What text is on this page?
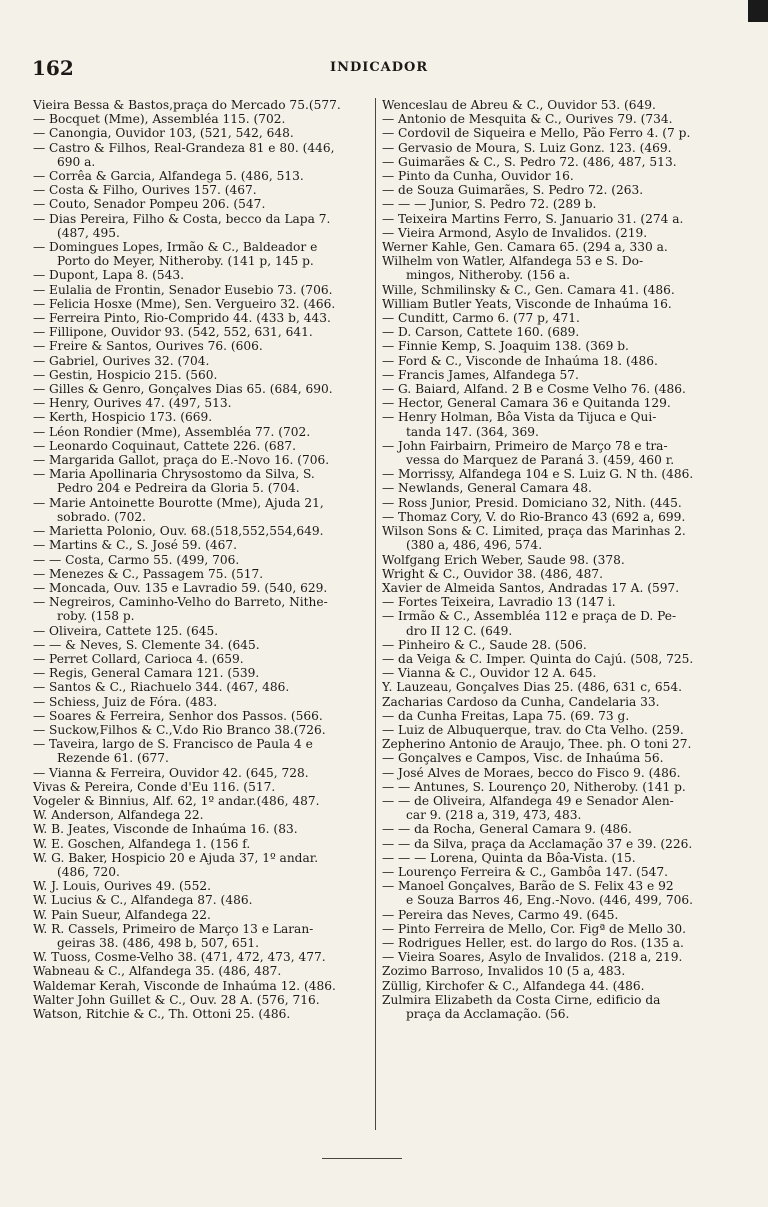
162	INDICADOR
Vieira Bessa & Bastos,praça do Mercado 75.(577.
— Bocquet (Mme), Assembléa 115. (702.
— Canongia, Ouvidor 103, (521, 542, 648.
— Castro & Filhos, Real-Grandeza 81 e 80. (446,
690 a.
— Corrêa & Garcia, Alfandega 5. (486, 513.
— Costa & Filho, Ourives 157. (467.
— Couto, Senador Pompeu 206. (547.
— Dias Pereira, Filho & Costa, becco da Lapa 7.
(487, 495.
— Domingues Lopes, Irmão & C., Baldeador e
Porto do Meyer, Nitheroby. (141 p, 145 p.
— Dupont, Lapa 8. (543.
— Eulalia de Frontin, Senador Eusebio 73. (706.
— Felicia Hosxe (Mme), Sen. Vergueiro 32. (466.
— Ferreira Pinto, Rio-Comprido 44. (433 b, 443.
— Fillipone, Ouvidor 93. (542, 552, 631, 641.
— Freire & Santos, Ourives 76. (606.
— Gabriel, Ourives 32. (704.
— Gestin, Hospicio 215. (560.
— Gilles & Genro, Gonçalves Dias 65. (684, 690.
— Henry, Ourives 47. (497, 513.
— Kerth, Hospicio 173. (669.
— Léon Rondier (Mme), Assembléa 77. (702.
— Leonardo Coquinaut, Cattete 226. (687.
— Margarida Gallot, praça do E.-Novo 16. (706.
— Maria Apollinaria Chrysostomo da Silva, S.
Pedro 204 e Pedreira da Gloria 5. (704.
— Marie Antoinette Bourotte (Mme), Ajuda 21,
sobrado. (702.
— Marietta Polonio, Ouv. 68.(518,552,554,649.
— Martins & C., S. José 59. (467.
— — Costa, Carmo 55. (499, 706.
— Menezes & C., Passagem 75. (517.
— Moncada, Ouv. 135 e Lavradio 59. (540, 629.
— Negreiros, Caminho-Velho do Barreto, Nithe-
roby. (158 p.
— Oliveira, Cattete 125. (645.
— — & Neves, S. Clemente 34. (645.
— Perret Collard, Carioca 4. (659.
— Regis, General Camara 121. (539.
— Santos & C., Riachuelo 344. (467, 486.
— Schiess, Juiz de Fóra. (483.
— Soares & Ferreira, Senhor dos Passos. (566.
— Suckow,Filhos & C.,V.do Rio Branco 38.(726.
— Taveira, largo de S. Francisco de Paula 4 e
Rezende 61. (677.
— Vianna & Ferreira, Ouvidor 42. (645, 728.
Vivas & Pereira, Conde d'Eu 116. (517.
Vogeler & Binnius, Alf. 62, 1º andar.(486, 487.
W. Anderson, Alfandega 22.
W. B. Jeates, Visconde de Inhaúma 16. (83.
W. E. Goschen, Alfandega 1. (156 f.
W. G. Baker, Hospicio 20 e Ajuda 37, 1º andar.
(486, 720.
W. J. Louis, Ourives 49. (552.
W. Lucius & C., Alfandega 87. (486.
W. Pain Sueur, Alfandega 22.
W. R. Cassels, Primeiro de Março 13 e Laran-
geiras 38. (486, 498 b, 507, 651.
W. Tuoss, Cosme-Velho 38. (471, 472, 473, 477.
Wabneau & C., Alfandega 35. (486, 487.
Waldemar Kerah, Visconde de Inhaúma 12. (486.
Walter John Guillet & C., Ouv. 28 A. (576, 716.
Watson, Ritchie & C., Th. Ottoni 25. (486.
Wenceslau de Abreu & C., Ouvidor 53. (649.
— Antonio de Mesquita & C., Ourives 79. (734.
— Cordovil de Siqueira e Mello, Pão Ferro 4. (7 p.
— Gervasio de Moura, S. Luiz Gonz. 123. (469.
— Guimarães & C., S. Pedro 72. (486, 487, 513.
— Pinto da Cunha, Ouvidor 16.
— de Souza Guimarães, S. Pedro 72. (263.
— — — Junior, S. Pedro 72. (289 b.
— Teixeira Martins Ferro, S. Januario 31. (274 a.
— Vieira Armond, Asylo de Invalidos. (219.
Werner Kahle, Gen. Camara 65. (294 a, 330 a.
Wilhelm von Watler, Alfandega 53 e S. Do-
mingos, Nitheroby. (156 a.
Wille, Schmilinsky & C., Gen. Camara 41. (486.
William Butler Yeats, Visconde de Inhaúma 16.
— Cunditt, Carmo 6. (77 p, 471.
— D. Carson, Cattete 160. (689.
— Finnie Kemp, S. Joaquim 138. (369 b.
— Ford & C., Visconde de Inhaúma 18. (486.
— Francis James, Alfandega 57.
— G. Baiard, Alfand. 2 B e Cosme Velho 76. (486.
— Hector, General Camara 36 e Quitanda 129.
— Henry Holman, Bôa Vista da Tijuca e Qui-
tanda 147. (364, 369.
— John Fairbairn, Primeiro de Março 78 e tra-
vessa do Marquez de Paraná 3. (459, 460 r.
— Morrissy, Alfandega 104 e S. Luiz G. N th. (486.
— Newlands, General Camara 48.
— Ross Junior, Presid. Domiciano 32, Nith. (445.
— Thomaz Cory, V. do Rio-Branco 43 (692 a, 699.
Wilson Sons & C. Limited, praça das Marinhas 2.
(380 a, 486, 496, 574.
Wolfgang Erich Weber, Saude 98. (378.
Wright & C., Ouvidor 38. (486, 487.
Xavier de Almeida Santos, Andradas 17 A. (597.
— Fortes Teixeira, Lavradio 13 (147 i.
— Irmão & C., Assembléa 112 e praça de D. Pe-
dro II 12 C. (649.
— Pinheiro & C., Saude 28. (506.
— da Veiga & C. Imper. Quinta do Cajú. (508, 725.
— Vianna & C., Ouvidor 12 A. 645.
Y. Lauzeau, Gonçalves Dias 25. (486, 631 c, 654.
Zacharias Cardoso da Cunha, Candelaria 33.
— da Cunha Freitas, Lapa 75. (69. 73 g.
— Luiz de Albuquerque, trav. do Cta Velho. (259.
Zepherino Antonio de Araujo, Thee. ph. O toni 27.
— Gonçalves e Campos, Visc. de Inhaúma 56.
— José Alves de Moraes, becco do Fisco 9. (486.
— — Antunes, S. Lourenço 20, Nitheroby. (141 p.
— — de Oliveira, Alfandega 49 e Senador Alen-
car 9. (218 a, 319, 473, 483.
— — da Rocha, General Camara 9. (486.
— — da Silva, praça da Acclamação 37 e 39. (226.
— — — Lorena, Quinta da Bôa-Vista. (15.
— Lourenço Ferreira & C., Gambôa 147. (547.
— Manoel Gonçalves, Barão de S. Felix 43 e 92
e Souza Barros 46, Eng.-Novo. (446, 499, 706.
— Pereira das Neves, Carmo 49. (645.
— Pinto Ferreira de Mello, Cor. Figª de Mello 30.
— Rodrigues Heller, est. do largo do Ros. (135 a.
— Vieira Soares, Asylo de Invalidos. (218 a, 219.
Zozimo Barroso, Invalidos 10 (5 a, 483.
Züllig, Kirchofer & C., Alfandega 44. (486.
Zulmira Elizabeth da Costa Cirne, edificio da
praça da Acclamação. (56.
